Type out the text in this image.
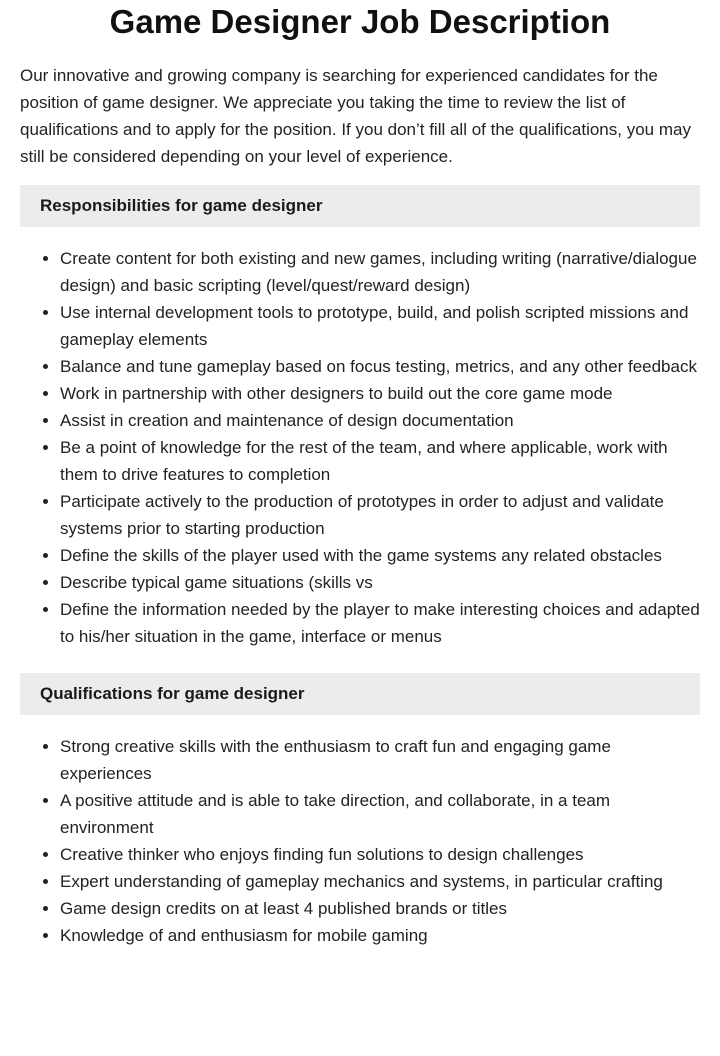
Game Designer Job Description

Our innovative and growing company is searching for experienced candidates for the position of game designer. We appreciate you taking the time to review the list of qualifications and to apply for the position. If you don’t fill all of the qualifications, you may still be considered depending on your level of experience.

Responsibilities for game designer
Create content for both existing and new games, including writing (narrative/dialogue design) and basic scripting (level/quest/reward design)
Use internal development tools to prototype, build, and polish scripted missions and gameplay elements
Balance and tune gameplay based on focus testing, metrics, and any other feedback
Work in partnership with other designers to build out the core game mode
Assist in creation and maintenance of design documentation
Be a point of knowledge for the rest of the team, and where applicable, work with them to drive features to completion
Participate actively to the production of prototypes in order to adjust and validate systems prior to starting production
Define the skills of the player used with the game systems any related obstacles
Describe typical game situations (skills vs
Define the information needed by the player to make interesting choices and adapted to his/her situation in the game, interface or menus
Qualifications for game designer
Strong creative skills with the enthusiasm to craft fun and engaging game experiences
A positive attitude and is able to take direction, and collaborate, in a team environment
Creative thinker who enjoys finding fun solutions to design challenges
Expert understanding of gameplay mechanics and systems, in particular crafting
Game design credits on at least 4 published brands or titles
Knowledge of and enthusiasm for mobile gaming
